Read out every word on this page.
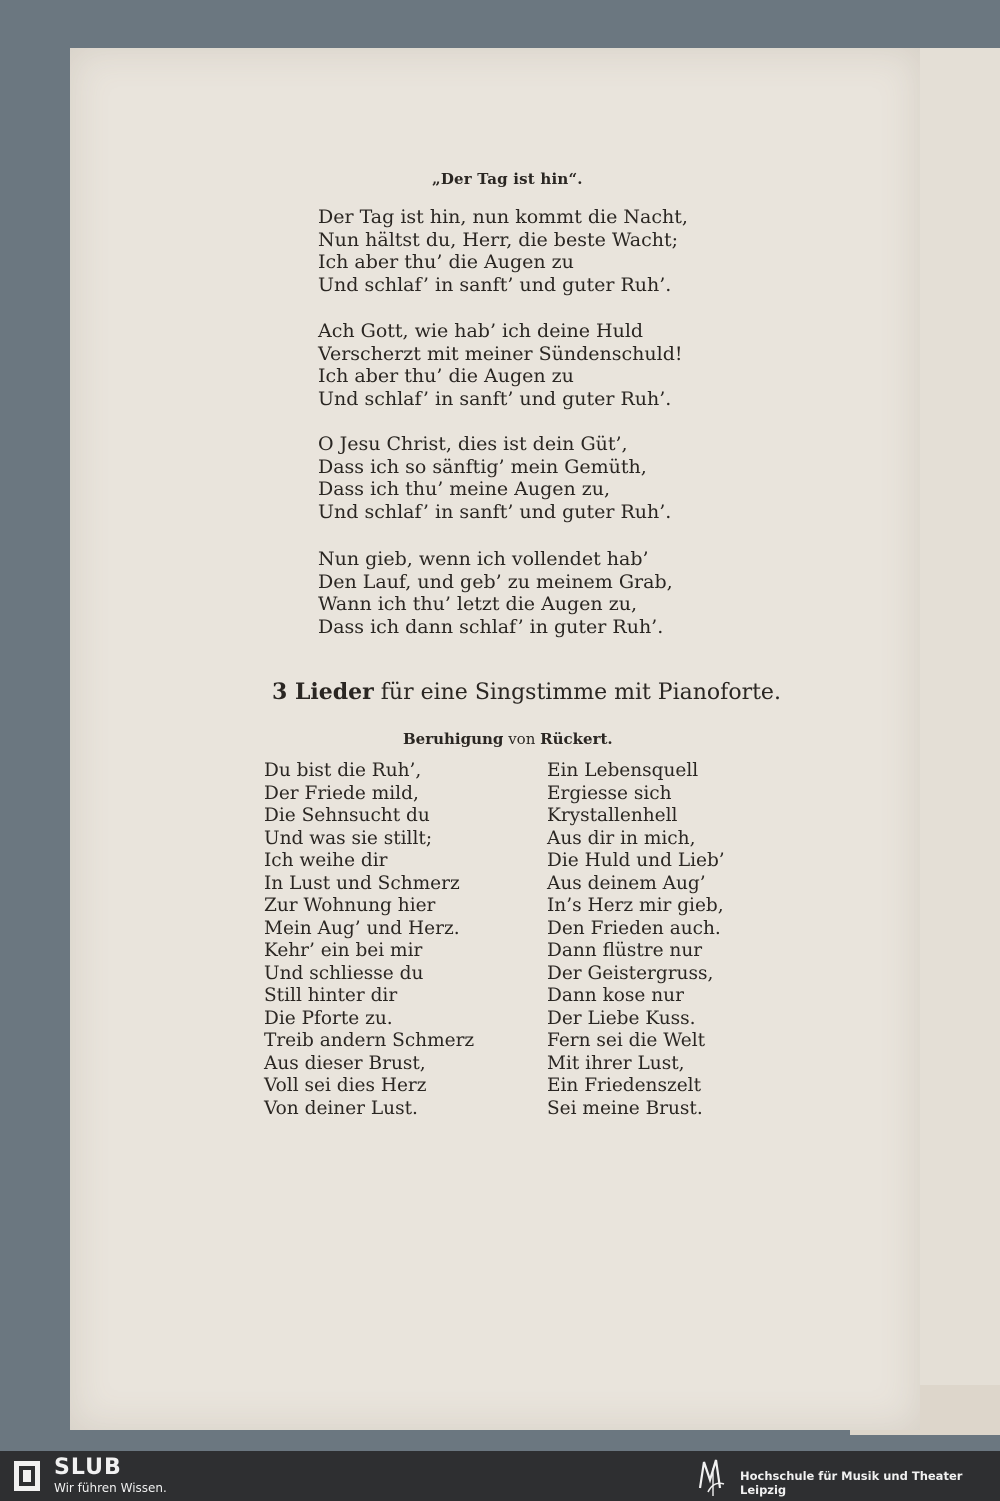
„Der Tag ist hin“.
Der Tag ist hin, nun kommt die Nacht,
Nun hältst du, Herr, die beste Wacht;
Ich aber thu’ die Augen zu
Und schlaf’ in sanft’ und guter Ruh’.
Ach Gott, wie hab’ ich deine Huld
Verscherzt mit meiner Sündenschuld!
Ich aber thu’ die Augen zu
Und schlaf’ in sanft’ und guter Ruh’.
O Jesu Christ, dies ist dein Güt’,
Dass ich so sänftig’ mein Gemüth,
Dass ich thu’ meine Augen zu,
Und schlaf’ in sanft’ und guter Ruh’.
Nun gieb, wenn ich vollendet hab’
Den Lauf, und geb’ zu meinem Grab,
Wann ich thu’ letzt die Augen zu,
Dass ich dann schlaf’ in guter Ruh’.
3 Lieder für eine Singstimme mit Pianoforte.
Beruhigung von Rückert.
Du bist die Ruh’,
Der Friede mild,
Die Sehnsucht du
Und was sie stillt;
Ich weihe dir
In Lust und Schmerz
Zur Wohnung hier
Mein Aug’ und Herz.
Kehr’ ein bei mir
Und schliesse du
Still hinter dir
Die Pforte zu.
Treib andern Schmerz
Aus dieser Brust,
Voll sei dies Herz
Von deiner Lust.
Ein Lebensquell
Ergiesse sich
Krystallenhell
Aus dir in mich,
Die Huld und Lieb’
Aus deinem Aug’
In’s Herz mir gieb,
Den Frieden auch.
Dann flüstre nur
Der Geistergruss,
Dann kose nur
Der Liebe Kuss.
Fern sei die Welt
Mit ihrer Lust,
Ein Friedenszelt
Sei meine Brust.
SLUB
Wir führen Wissen.
Hochschule für Musik und Theater Leipzig
